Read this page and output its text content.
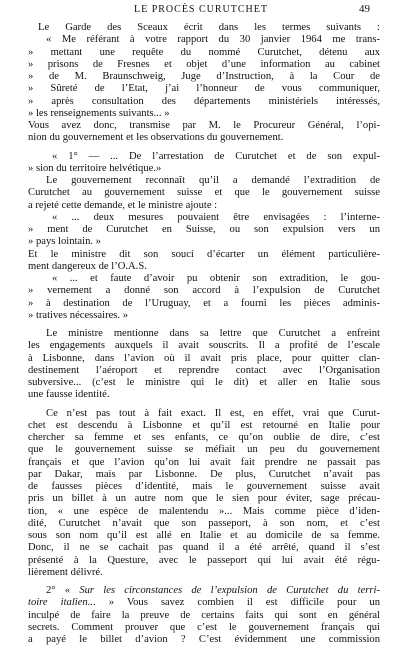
LE PROCÈS CURUTCHET	49
Le Garde des Sceaux écrit dans les termes suivants :
« Me référant à votre rapport du 30 janvier 1964 me trans-
» mettant une requête du nommé Curutchet, détenu aux
» prisons de Fresnes et objet d’une information au cabinet
» de M. Braunschweig, Juge d’Instruction, à la Cour de
» Sûreté de l’Etat, j’ai l’honneur de vous communiquer,
» après consultation des départements ministériels intéressés,
» les renseignements suivants... »
Vous avez donc, transmise par M. le Procureur Général, l’opi-
nion du gouvernement et les observations du gouvernement.
« 1° — ... De l’arrestation de Curutchet et de son expul-
» sion du territoire helvétique.»
Le gouvernement reconnaît qu’il a demandé l’extradition de
Curutchet au gouvernement suisse et que le gouvernement suisse
a rejeté cette demande, et le ministre ajoute :
« ... deux mesures pouvaient être envisagées : l’interne-
» ment de Curutchet en Suisse, ou son expulsion vers un
» pays lointain. »
Et le ministre dit son souci d’écarter un élément particulière-
ment dangereux de l’O.A.S.
« ... et faute d’avoir pu obtenir son extradition, le gou-
» vernement a donné son accord à l’expulsion de Curutchet
» à destination de l’Uruguay, et a fourni les pièces adminis-
» tratives nécessaires. »
Le ministre mentionne dans sa lettre que Curutchet a enfreint
les engagements auxquels il avait souscrits. Il a profité de l’escale
à Lisbonne, dans l’avion où il avait pris place, pour quitter clan-
destinement l’aéroport et reprendre contact avec l’Organisation
subversive... (c’est le ministre qui le dit) et aller en Italie sous
une fausse identité.
Ce n’est pas tout à fait exact. Il est, en effet, vrai que Curut-
chet est descendu à Lisbonne et qu’il est retourné en Italie pour
chercher sa femme et ses enfants, ce qu’on oublie de dire, c’est
que le gouvernement suisse se méfiait un peu du gouvernement
français et que l’avion qu’on lui avait fait prendre ne passait pas
par Dakar, mais par Lisbonne. De plus, Curutchet n’avait pas
de fausses pièces d’identité, mais le gouvernement suisse avait
pris un billet à un autre nom que le sien pour éviter, sage précau-
tion, « une espèce de malentendu »... Mais comme pièce d’iden-
dité, Curutchet n’avait que son passeport, à son nom, et c’est
sous son nom qu’il est allé en Italie et au domicile de sa femme.
Donc, il ne se cachait pas quand il a été arrêté, quand il s’est
présenté à la Questure, avec le passeport qui lui avait été régu-
lièrement délivré.
2° « Sur les circonstances de l’expulsion de Curutchet du terri-
toire italien... » Vous savez combien il est difficile pour un
inculpé de faire la preuve de certains faits qui sont en général
secrets. Comment prouver que c’est le gouvernement français qui
a payé le billet d’avion ? C’est évidemment une commission
